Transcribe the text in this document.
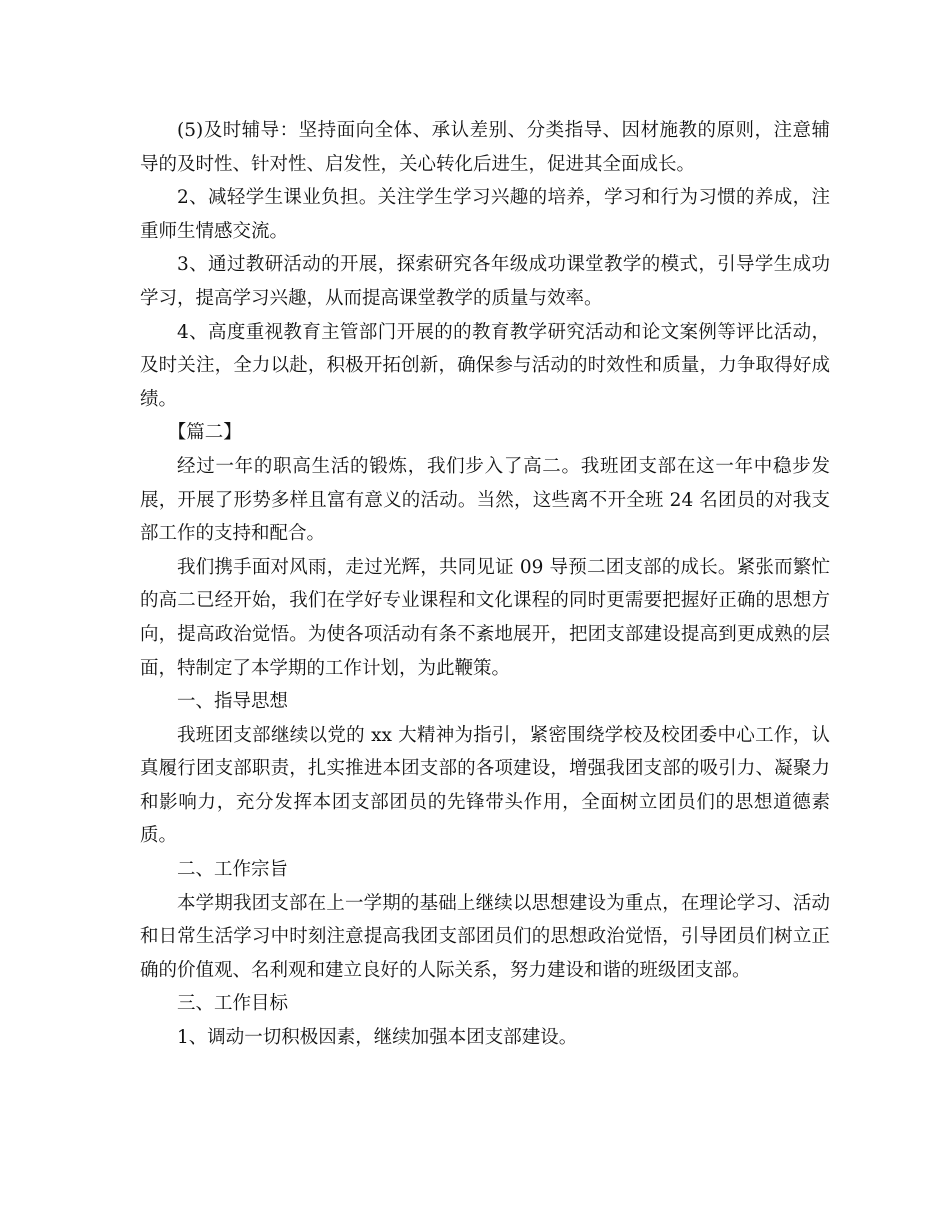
(5)及时辅导：坚持面向全体、承认差别、分类指导、因材施教的原则，注意辅导的及时性、针对性、启发性，关心转化后进生，促进其全面成长。

2、减轻学生课业负担。关注学生学习兴趣的培养，学习和行为习惯的养成，注重师生情感交流。

3、通过教研活动的开展，探索研究各年级成功课堂教学的模式，引导学生成功学习，提高学习兴趣，从而提高课堂教学的质量与效率。

4、高度重视教育主管部门开展的的教育教学研究活动和论文案例等评比活动，及时关注，全力以赴，积极开拓创新，确保参与活动的时效性和质量，力争取得好成绩。

【篇二】

经过一年的职高生活的锻炼，我们步入了高二。我班团支部在这一年中稳步发展，开展了形势多样且富有意义的活动。当然，这些离不开全班 24 名团员的对我支部工作的支持和配合。

我们携手面对风雨，走过光辉，共同见证 09 导预二团支部的成长。紧张而繁忙的高二已经开始，我们在学好专业课程和文化课程的同时更需要把握好正确的思想方向，提高政治觉悟。为使各项活动有条不紊地展开，把团支部建设提高到更成熟的层面，特制定了本学期的工作计划，为此鞭策。

一、指导思想

我班团支部继续以党的 xx 大精神为指引，紧密围绕学校及校团委中心工作，认真履行团支部职责，扎实推进本团支部的各项建设，增强我团支部的吸引力、凝聚力和影响力，充分发挥本团支部团员的先锋带头作用，全面树立团员们的思想道德素质。

二、工作宗旨

本学期我团支部在上一学期的基础上继续以思想建设为重点，在理论学习、活动和日常生活学习中时刻注意提高我团支部团员们的思想政治觉悟，引导团员们树立正确的价值观、名利观和建立良好的人际关系，努力建设和谐的班级团支部。

三、工作目标

1、调动一切积极因素，继续加强本团支部建设。
